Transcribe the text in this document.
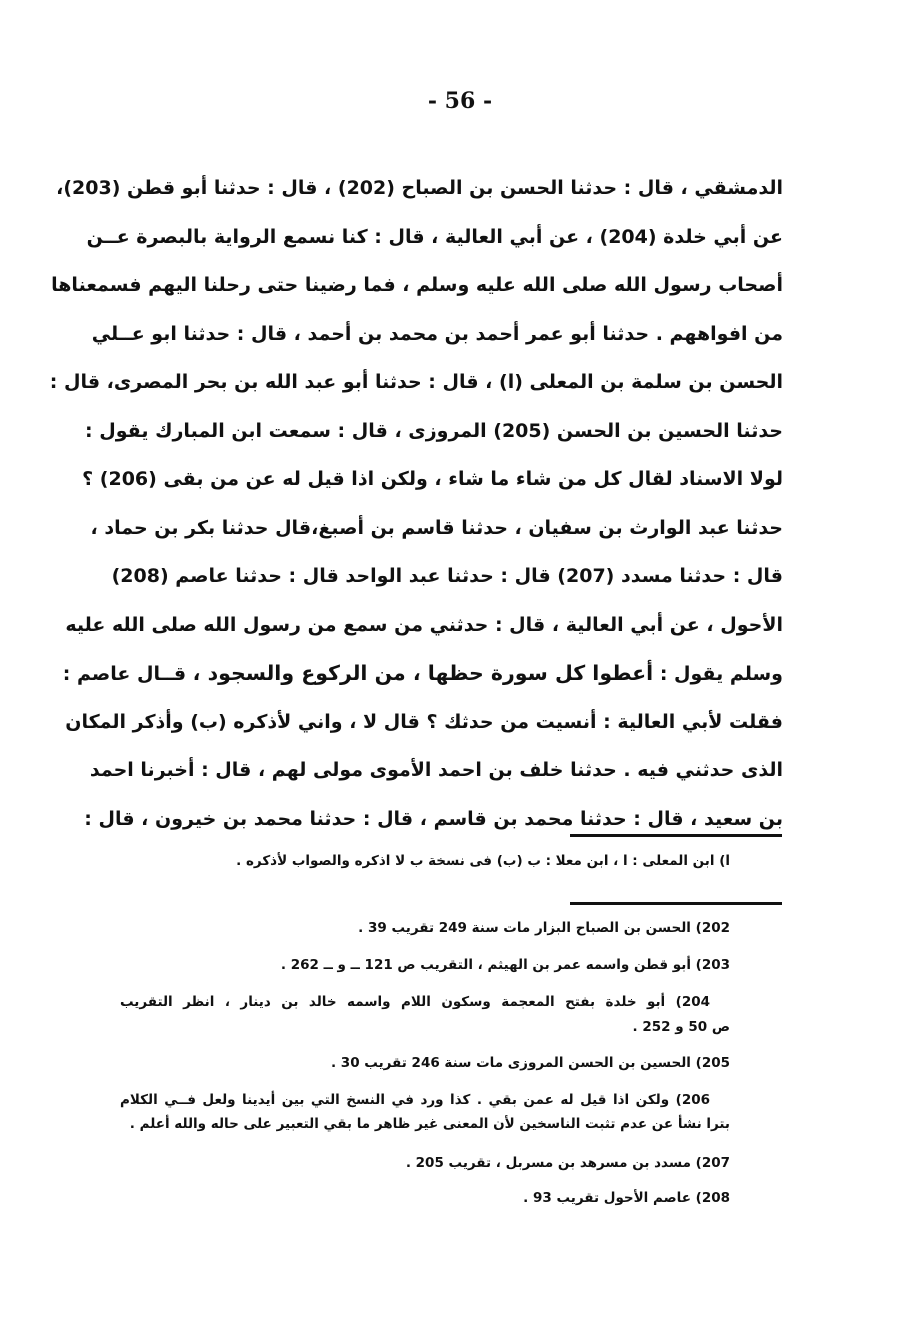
- 56 -
الدمشقي ، قال : حدثنا الحسن بن الصباح (202) ، قال : حدثنا أبو قطن (203)،
عن أبي خلدة (204) ، عن أبي العالية ، قال : كنا نسمع الرواية بالبصرة عــن
أصحاب رسول الله صلى الله عليه وسلم ، فما رضينا حتى رحلنا اليهم فسمعناها
من افواههم . حدثنا أبو عمر أحمد بن محمد بن أحمد ، قال : حدثنا ابو عــلي
الحسن بن سلمة بن المعلى (ا) ، قال : حدثنا أبو عبد الله بن بحر المصرى، قال :
حدثنا الحسين بن الحسن (205) المروزى ، قال : سمعت ابن المبارك يقول :
لولا الاسناد لقال كل من شاء ما شاء ، ولكن اذا قيل له عن من بقى (206) ؟
حدثنا عبد الوارث بن سفيان ، حدثنا قاسم بن أصبغ،قال حدثنا بكر بن حماد ،
قال : حدثنا مسدد (207) قال : حدثنا عبد الواحد قال : حدثنا عاصم (208)
الأحول ، عن أبي العالية ، قال : حدثني من سمع من رسول الله صلى الله عليه
وسلم يقول : أعطوا كل سورة حظها ، من الركوع والسجود ، قــال عاصم :
فقلت لأبي العالية : أنسيت من حدثك ؟ قال لا ، واني لأذكره (ب) وأذكر المكان
الذى حدثني فيه . حدثنا خلف بن احمد الأموى مولى لهم ، قال : أخبرنا احمد
بن سعيد ، قال : حدثنا محمد بن قاسم ، قال : حدثنا محمد بن خيرون ، قال :
ا) ابن المعلى : ا ، ابن معلا : ب (ب) فى نسخة ب لا اذكره والصواب لأذكره .
202) الحسن بن الصباح البزار مات سنة 249 تقريب 39 .
203) أبو قطن واسمه عمر بن الهيثم ، التقريب ص 121 ــ و ــ 262 .
204) أبو خلدة بفتح المعجمة وسكون اللام واسمه خالد بن دينار ، انظر التقريب
ص 50 و 252 .
205) الحسين بن الحسن المروزى مات سنة 246 تقريب 30 .
206) ولكن اذا قيل له عمن بقي . كذا ورد في النسخ التي بين أيدينا ولعل فــي الكلام
بترا نشأ عن عدم تثبت الناسخين لأن المعنى غير ظاهر ما بقي التعبير على حاله والله أعلم .
207) مسدد بن مسرهد بن مسربل ، تقريب 205 .
208) عاصم الأحول تقريب 93 .
